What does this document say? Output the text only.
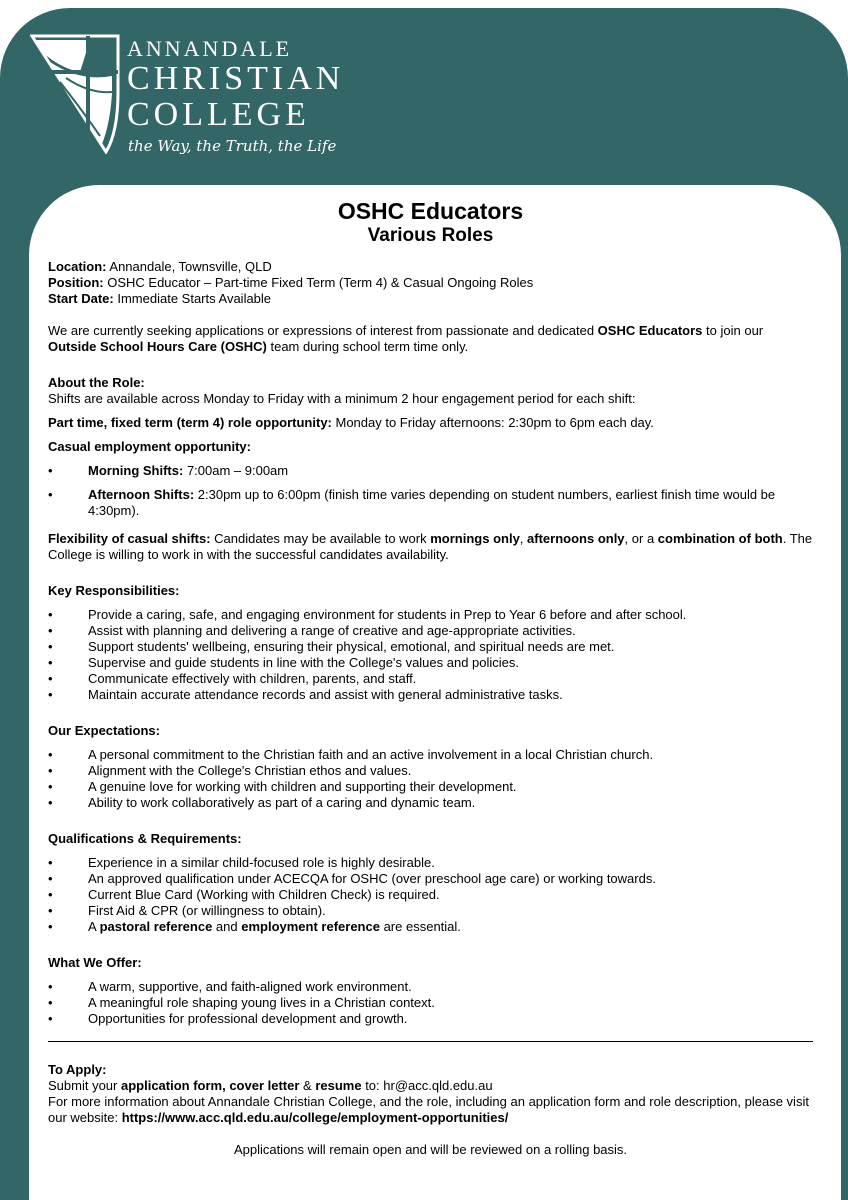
ANNANDALE
CHRISTIAN
COLLEGE
the Way, the Truth, the Life
OSHC Educators
Various Roles

Location: Annandale, Townsville, QLD

Position: OSHC Educator – Part-time Fixed Term (Term 4) & Casual Ongoing Roles

Start Date: Immediate Starts Available

We are currently seeking applications or expressions of interest from passionate and dedicated OSHC Educators to join our Outside School Hours Care (OSHC) team during school term time only.

About the Role:

Shifts are available across Monday to Friday with a minimum 2 hour engagement period for each shift:

Part time, fixed term (term 4) role opportunity: Monday to Friday afternoons: 2:30pm to 6pm each day.

Casual employment opportunity:

• Morning Shifts: 7:00am – 9:00am
• Afternoon Shifts: 2:30pm up to 6:00pm (finish time varies depending on student numbers, earliest finish time would be 4:30pm).

Flexibility of casual shifts: Candidates may be available to work mornings only, afternoons only, or a combination of both. The College is willing to work in with the successful candidates availability.

Key Responsibilities:

• Provide a caring, safe, and engaging environment for students in Prep to Year 6 before and after school.
• Assist with planning and delivering a range of creative and age-appropriate activities.
• Support students' wellbeing, ensuring their physical, emotional, and spiritual needs are met.
• Supervise and guide students in line with the College's values and policies.
• Communicate effectively with children, parents, and staff.
• Maintain accurate attendance records and assist with general administrative tasks.

Our Expectations:

• A personal commitment to the Christian faith and an active involvement in a local Christian church.
• Alignment with the College's Christian ethos and values.
• A genuine love for working with children and supporting their development.
• Ability to work collaboratively as part of a caring and dynamic team.

Qualifications & Requirements:

• Experience in a similar child-focused role is highly desirable.
• An approved qualification under ACECQA for OSHC (over preschool age care) or working towards.
• Current Blue Card (Working with Children Check) is required.
• First Aid & CPR (or willingness to obtain).
• A pastoral reference and employment reference are essential.

What We Offer:

• A warm, supportive, and faith-aligned work environment.
• A meaningful role shaping young lives in a Christian context.
• Opportunities for professional development and growth.

To Apply:

Submit your application form, cover letter & resume to: hr@acc.qld.edu.au

For more information about Annandale Christian College, and the role, including an application form and role description, please visit our website: https://www.acc.qld.edu.au/college/employment-opportunities/

Applications will remain open and will be reviewed on a rolling basis.
